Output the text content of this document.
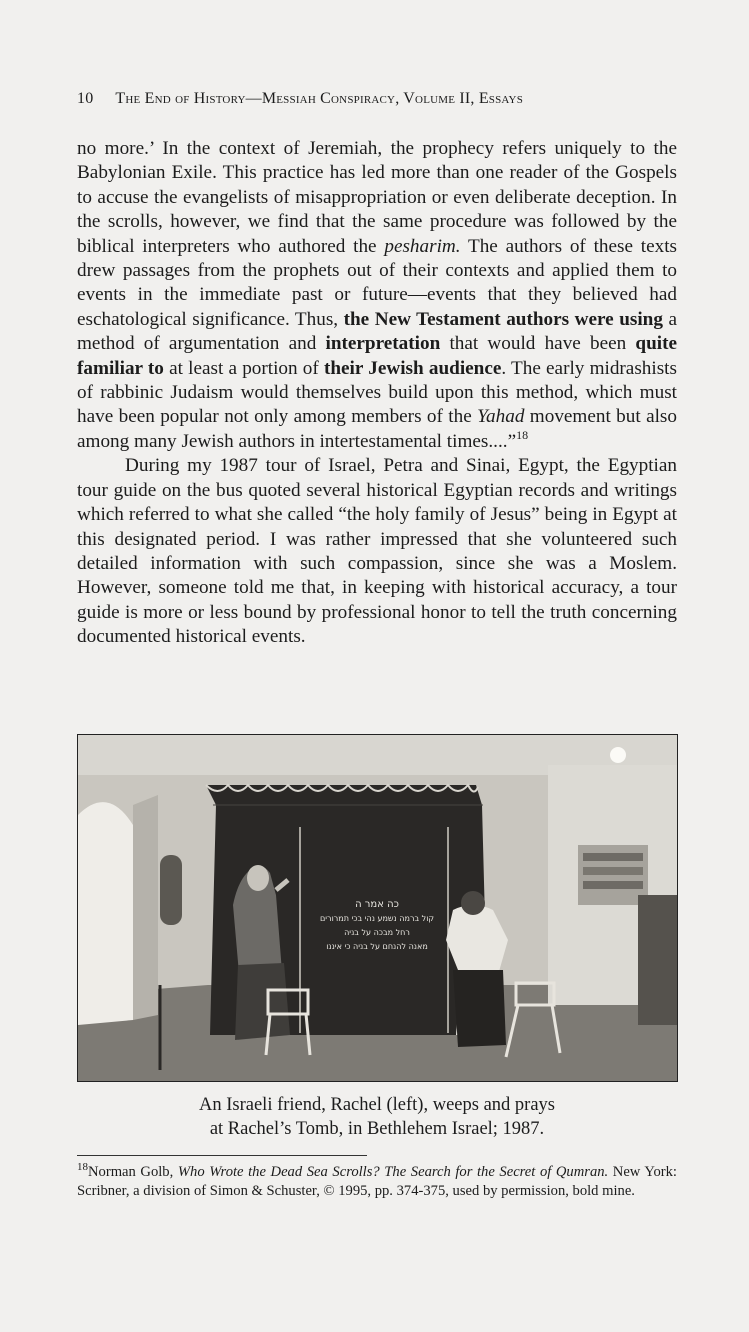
10 The End of History—Messiah Conspiracy, Volume II, Essays

no more.’ In the context of Jeremiah, the prophecy refers uniquely to the Babylonian Exile. This practice has led more than one reader of the Gospels to accuse the evangelists of misappropriation or even deliberate deception. In the scrolls, however, we find that the same procedure was followed by the biblical interpreters who authored the pesharim. The authors of these texts drew passages from the prophets out of their contexts and applied them to events in the immediate past or future—events that they believed had eschatological significance. Thus, the New Testament authors were using a method of argumentation and interpretation that would have been quite familiar to at least a portion of their Jewish audience. The early midrashists of rabbinic Judaism would themselves build upon this method, which must have been popular not only among members of the Yahad movement but also among many Jewish authors in intertestamental times....”$^{18}$

During my 1987 tour of Israel, Petra and Sinai, Egypt, the Egyptian tour guide on the bus quoted several historical Egyptian records and writings which referred to what she called “the holy family of Jesus” being in Egypt at this designated period. I was rather impressed that she volunteered such detailed information with such compassion, since she was a Moslem. However, someone told me that, in keeping with historical accuracy, a tour guide is more or less bound by professional honor to tell the truth concerning documented historical events.

כה אמר ה
קול ברמה נשמע נהי בכי תמרורים
רחל מבכה על בניה
מאנה להנחם על בניה כי איננו
An Israeli friend, Rachel (left), weeps and prays
at Rachel’s Tomb, in Bethlehem Israel; 1987.
$^{18}$Norman Golb, Who Wrote the Dead Sea Scrolls? The Search for the Secret of Qumran. New York: Scribner, a division of Simon & Schuster, © 1995, pp. 374-375, used by permission, bold mine.
